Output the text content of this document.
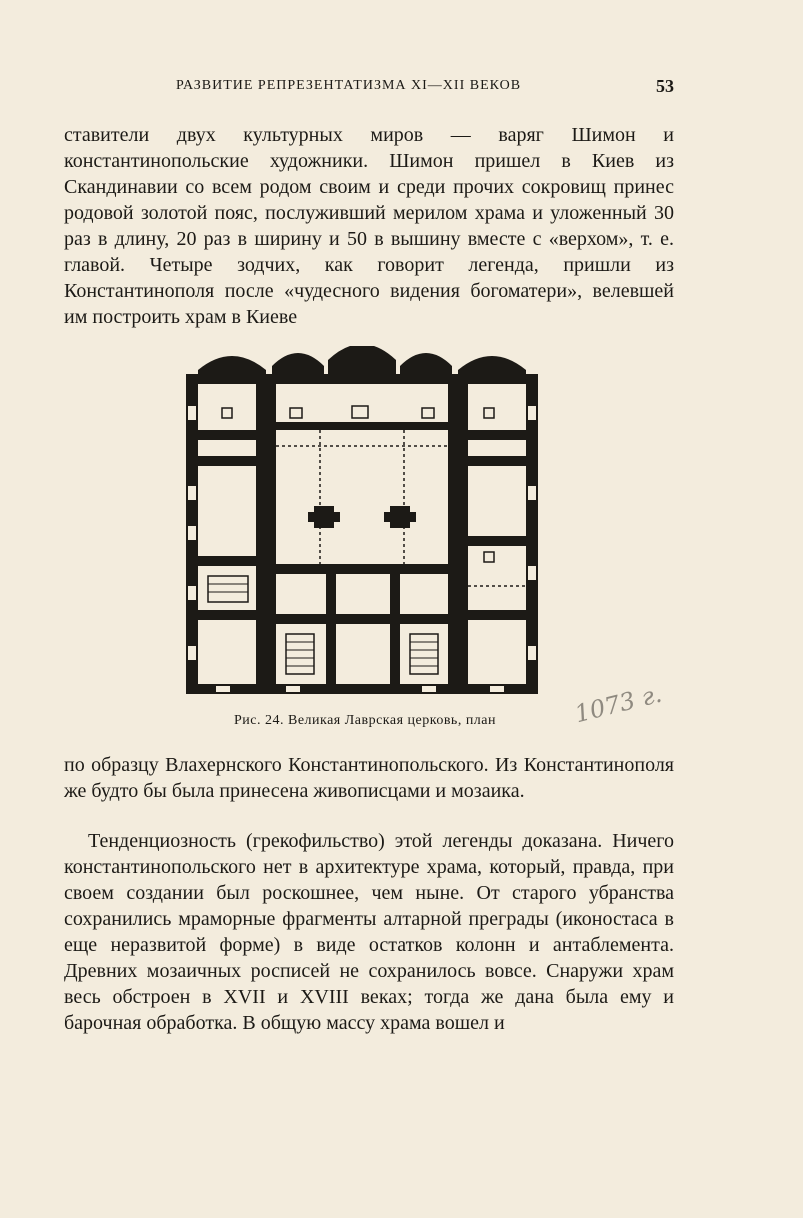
РАЗВИТИЕ РЕПРЕЗЕНТАТИЗМА XI—XII ВЕКОВ	53

ставители двух культурных миров — варяг Шимон и константинопольские художники. Шимон пришел в Киев из Скандинавии со всем родом своим и среди прочих сокровищ принес родовой золотой пояс, послуживший мерилом храма и уложенный 30 раз в длину, 20 раз в ширину и 50 в вышину вместе с «верхом», т. е. главой. Четыре зодчих, как говорит легенда, пришли из Константинополя после «чудесного видения богоматери», велевшей им построить храм в Киеве

Рис. 24. Великая Лаврская церковь, план	1073 г.

по образцу Влахернского Константинопольского. Из Константинополя же будто бы была принесена живописцами и мозаика.

Тенденциозность (грекофильство) этой легенды доказана. Ничего константинопольского нет в архитектуре храма, который, правда, при своем создании был роскошнее, чем ныне. От старого убранства сохранились мраморные фрагменты алтарной преграды (иконостаса в еще неразвитой форме) в виде остатков колонн и антаблемента. Древних мозаичных росписей не сохранилось вовсе. Снаружи храм весь обстроен в XVII и XVIII веках; тогда же дана была ему и барочная обработка. В общую массу храма вошел и
